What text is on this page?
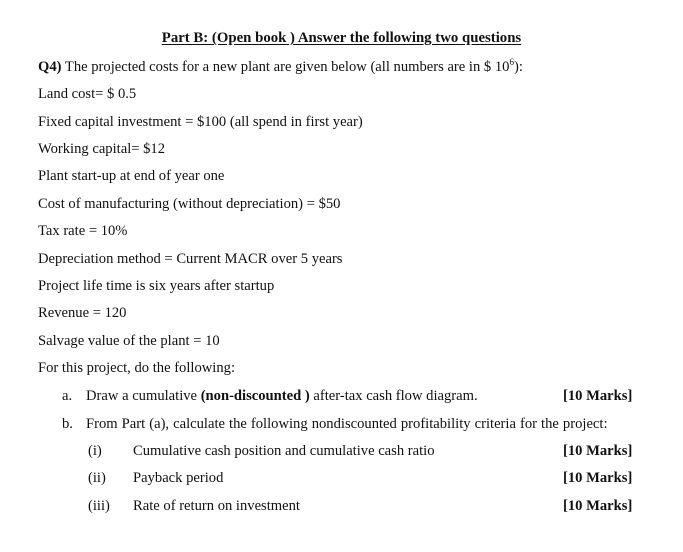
Part B: (Open book ) Answer the following two questions
Q4) The projected costs for a new plant are given below (all numbers are in $ $10^6$):
Land cost= $ 0.5
Fixed capital investment = $100 (all spend in first year)
Working capital= $12
Plant start-up at end of year one
Cost of manufacturing (without depreciation) = $50
Tax rate = 10%
Depreciation method = Current MACR over 5 years
Project life time is six years after startup
Revenue = 120
Salvage value of the plant = 10
For this project, do the following:
a. Draw a cumulative (non-discounted ) after-tax cash flow diagram.	[10 Marks]
b. From Part (a), calculate the following nondiscounted profitability criteria for the project:
(i) Cumulative cash position and cumulative cash ratio	[10 Marks]
(ii) Payback period	[10 Marks]
(iii) Rate of return on investment	[10 Marks]
